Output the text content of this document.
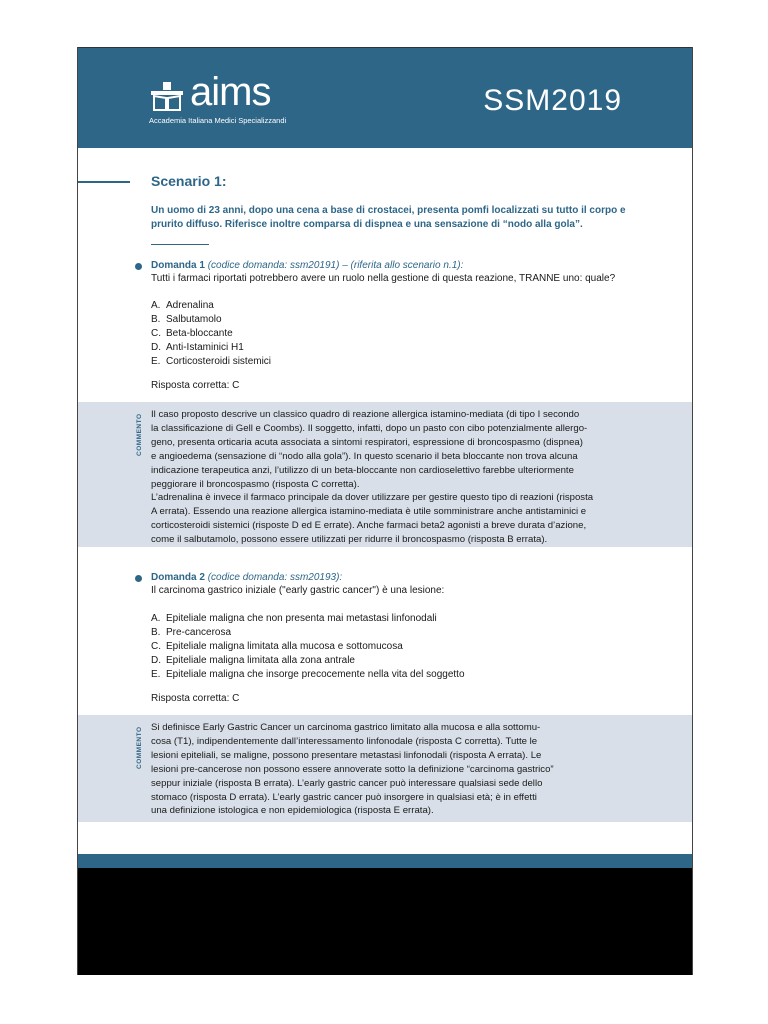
aims
Accademia Italiana Medici Specializzandi
SSM2019
Scenario 1:
Un uomo di 23 anni, dopo una cena a base di crostacei, presenta pomfi localizzati su tutto il corpo e prurito diffuso. Riferisce inoltre comparsa di dispnea e una sensazione di “nodo alla gola”.
Domanda 1 (codice domanda: ssm20191) – (riferita allo scenario n.1):
Tutti i farmaci riportati potrebbero avere un ruolo nella gestione di questa reazione, TRANNE uno: quale?
A. Adrenalina
B. Salbutamolo
C. Beta-bloccante
D. Anti-Istaminici H1
E. Corticosteroidi sistemici
Risposta corretta: C
COMMENTO Il caso proposto descrive un classico quadro di reazione allergica istamino-mediata (di tipo I secondo
la classificazione di Gell e Coombs). Il soggetto, infatti, dopo un pasto con cibo potenzialmente allergo-
geno, presenta orticaria acuta associata a sintomi respiratori, espressione di broncospasmo (dispnea)
e angioedema (sensazione di “nodo alla gola”). In questo scenario il beta bloccante non trova alcuna
indicazione terapeutica anzi, l’utilizzo di un beta-bloccante non cardioselettivo farebbe ulteriormente
peggiorare il broncospasmo (risposta C corretta).
L’adrenalina è invece il farmaco principale da dover utilizzare per gestire questo tipo di reazioni (risposta
A errata). Essendo una reazione allergica istamino-mediata è utile somministrare anche antistaminici e
corticosteroidi sistemici (risposte D ed E errate). Anche farmaci beta2 agonisti a breve durata d’azione,
come il salbutamolo, possono essere utilizzati per ridurre il broncospasmo (risposta B errata).
Domanda 2 (codice domanda: ssm20193):
Il carcinoma gastrico iniziale ("early gastric cancer") è una lesione:
A. Epiteliale maligna che non presenta mai metastasi linfonodali
B. Pre-cancerosa
C. Epiteliale maligna limitata alla mucosa e sottomucosa
D. Epiteliale maligna limitata alla zona antrale
E. Epiteliale maligna che insorge precocemente nella vita del soggetto
Risposta corretta: C
COMMENTO Si definisce Early Gastric Cancer un carcinoma gastrico limitato alla mucosa e alla sottomu-
cosa (T1), indipendentemente dall’interessamento linfonodale (risposta C corretta). Tutte le
lesioni epiteliali, se maligne, possono presentare metastasi linfonodali (risposta A errata). Le
lesioni pre-cancerose non possono essere annoverate sotto la definizione “carcinoma gastrico”
seppur iniziale (risposta B errata). L’early gastric cancer può interessare qualsiasi sede dello
stomaco (risposta D errata). L’early gastric cancer può insorgere in qualsiasi età; è in effetti
una definizione istologica e non epidemiologica (risposta E errata).
